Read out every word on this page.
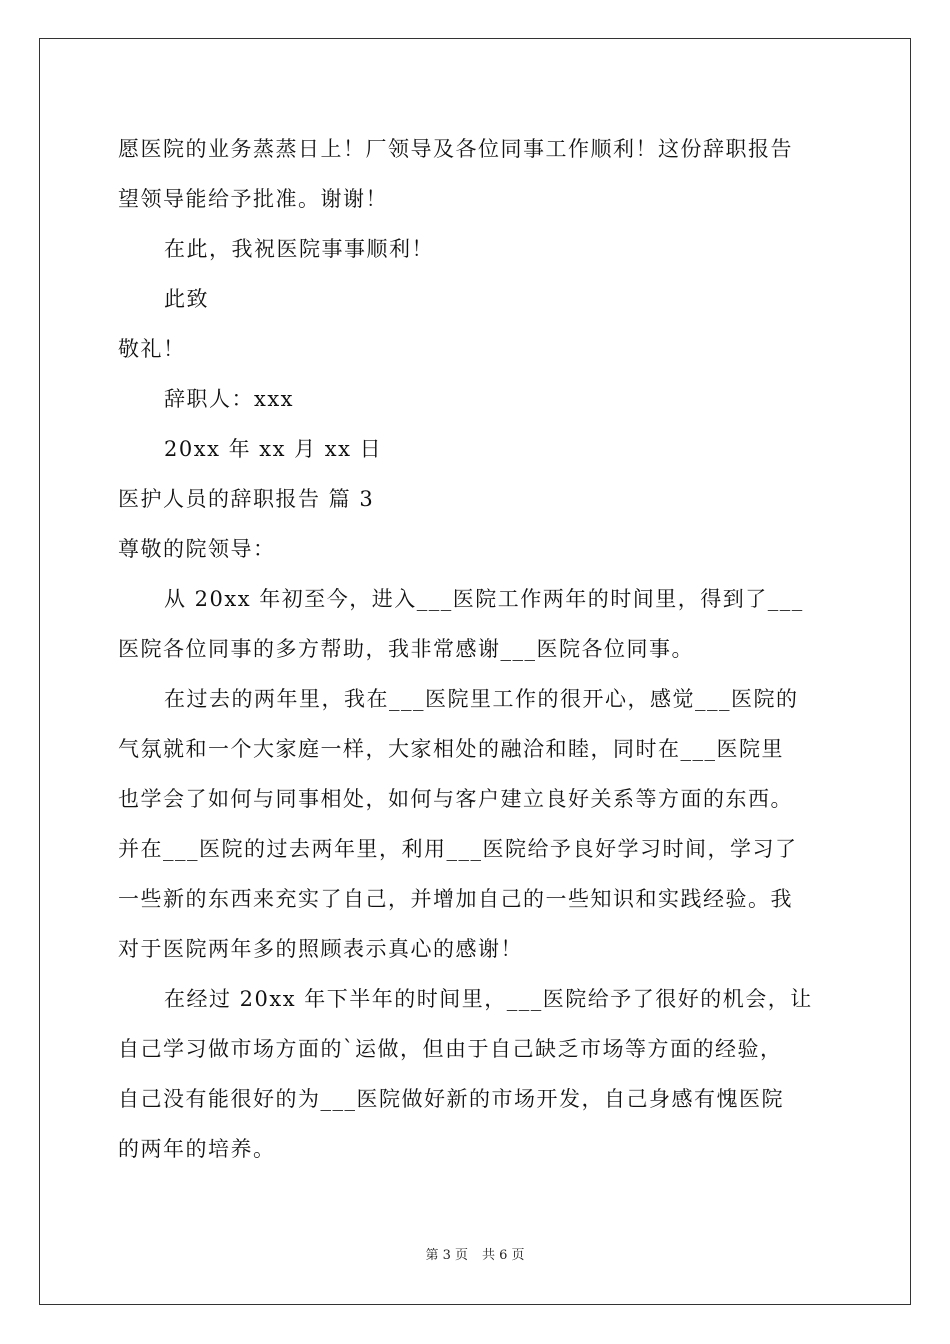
愿医院的业务蒸蒸日上！厂领导及各位同事工作顺利！这份辞职报告
望领导能给予批准。谢谢！
在此，我祝医院事事顺利！
此致
敬礼！
辞职人：xxx
20xx 年 xx 月 xx 日
医护人员的辞职报告 篇 3
尊敬的院领导：
从 20xx 年初至今，进入___医院工作两年的时间里，得到了___
医院各位同事的多方帮助，我非常感谢___医院各位同事。
在过去的两年里，我在___医院里工作的很开心，感觉___医院的
气氛就和一个大家庭一样，大家相处的融洽和睦，同时在___医院里
也学会了如何与同事相处，如何与客户建立良好关系等方面的东西。
并在___医院的过去两年里，利用___医院给予良好学习时间，学习了
一些新的东西来充实了自己，并增加自己的一些知识和实践经验。我
对于医院两年多的照顾表示真心的感谢！
在经过 20xx 年下半年的时间里，___医院给予了很好的机会，让
自己学习做市场方面的`运做，但由于自己缺乏市场等方面的经验，
自己没有能很好的为___医院做好新的市场开发，自己身感有愧医院
的两年的培养。
第 3 页 共 6 页
